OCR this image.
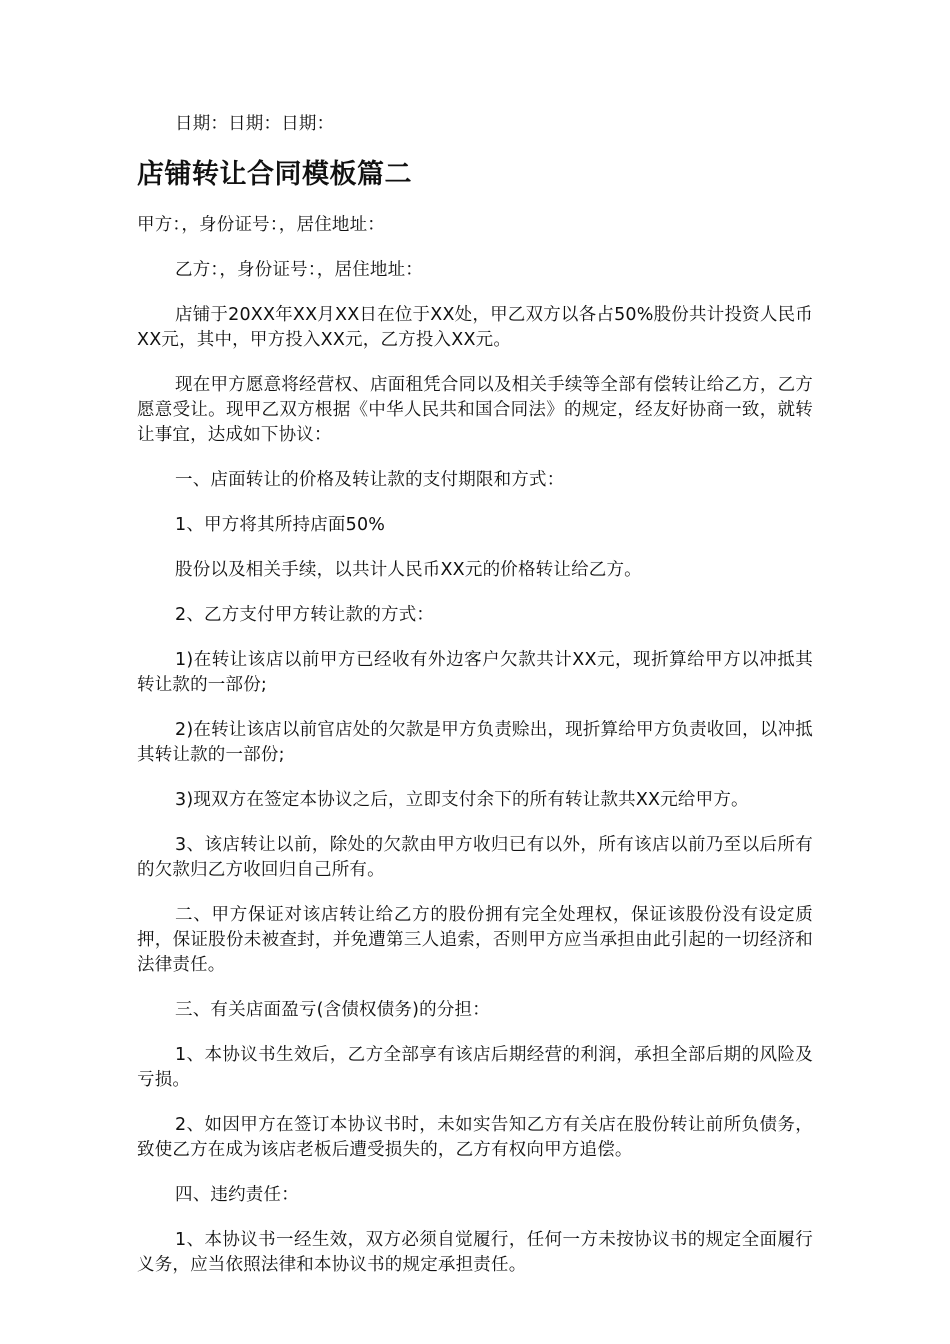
日期：日期：日期：

店铺转让合同模板篇二

甲方：，身份证号：，居住地址：

乙方：，身份证号：，居住地址：

店铺于20XX年XX月XX日在位于XX处，甲乙双方以各占50%股份共计投资人民币XX元，其中，甲方投入XX元，乙方投入XX元。

现在甲方愿意将经营权、店面租凭合同以及相关手续等全部有偿转让给乙方，乙方愿意受让。现甲乙双方根据《中华人民共和国合同法》的规定，经友好协商一致，就转让事宜，达成如下协议：

一、店面转让的价格及转让款的支付期限和方式：

1、甲方将其所持店面50%

股份以及相关手续，以共计人民币XX元的价格转让给乙方。

2、乙方支付甲方转让款的方式：

1)在转让该店以前甲方已经收有外边客户欠款共计XX元，现折算给甲方以冲抵其转让款的一部份;

2)在转让该店以前官店处的欠款是甲方负责赊出，现折算给甲方负责收回，以冲抵其转让款的一部份;

3)现双方在签定本协议之后，立即支付余下的所有转让款共XX元给甲方。

3、该店转让以前，除处的欠款由甲方收归已有以外，所有该店以前乃至以后所有的欠款归乙方收回归自己所有。

二、甲方保证对该店转让给乙方的股份拥有完全处理权，保证该股份没有设定质押，保证股份未被查封，并免遭第三人追索，否则甲方应当承担由此引起的一切经济和法律责任。

三、有关店面盈亏(含债权债务)的分担：

1、本协议书生效后，乙方全部享有该店后期经营的利润，承担全部后期的风险及亏损。

2、如因甲方在签订本协议书时，未如实告知乙方有关店在股份转让前所负债务，致使乙方在成为该店老板后遭受损失的，乙方有权向甲方追偿。

四、违约责任：

1、本协议书一经生效，双方必须自觉履行，任何一方未按协议书的规定全面履行义务，应当依照法律和本协议书的规定承担责任。
